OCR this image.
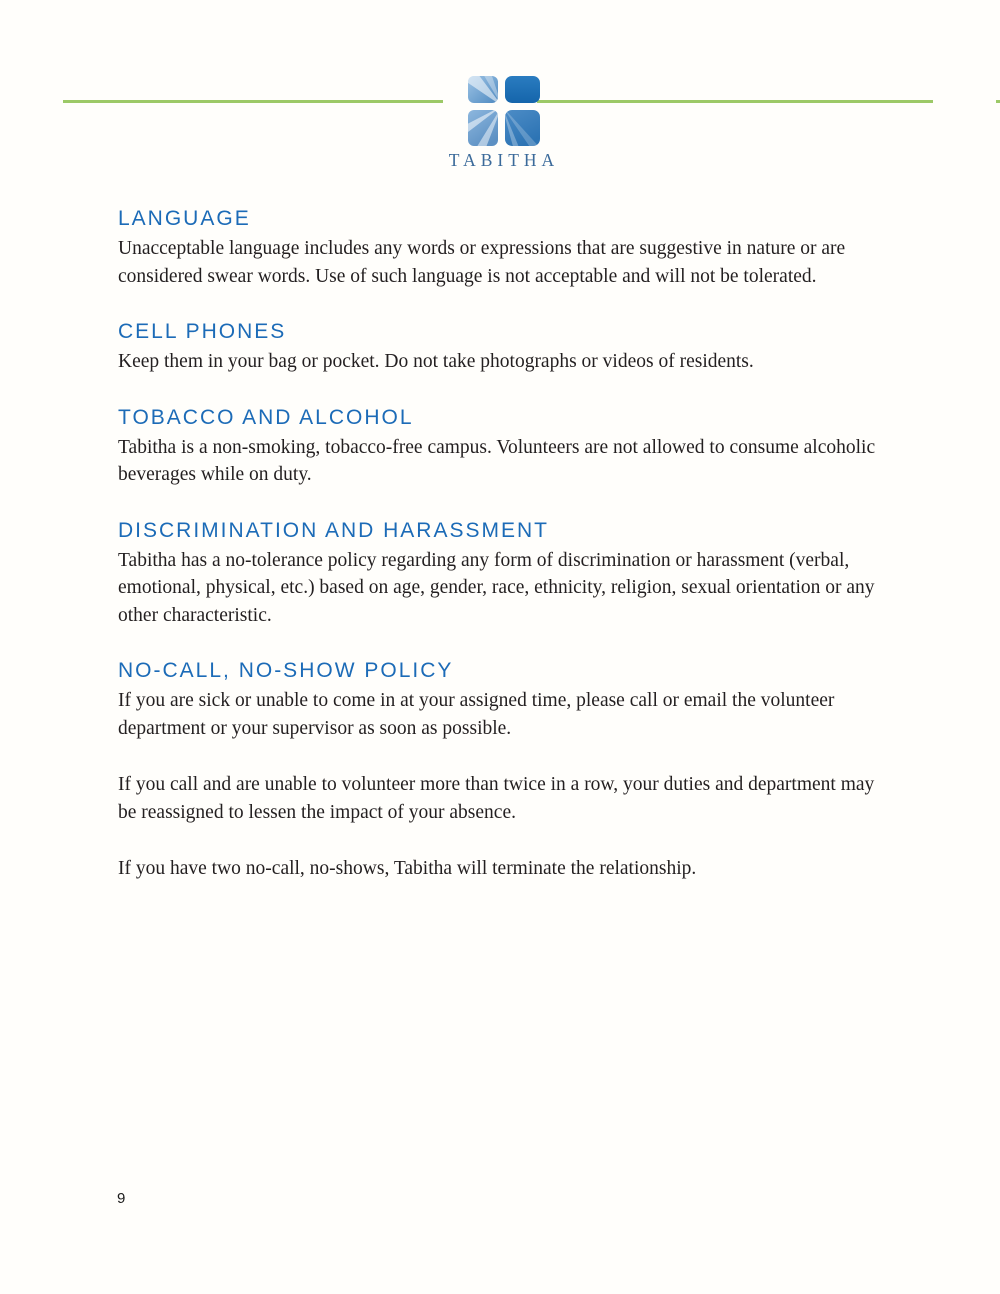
TABITHA
LANGUAGE

Unacceptable language includes any words or expressions that are suggestive in nature or are considered swear words. Use of such language is not acceptable and will not be tolerated.

CELL PHONES

Keep them in your bag or pocket. Do not take photographs or videos of residents.

TOBACCO AND ALCOHOL

Tabitha is a non-smoking, tobacco-free campus. Volunteers are not allowed to consume alcoholic beverages while on duty.

DISCRIMINATION AND HARASSMENT

Tabitha has a no-tolerance policy regarding any form of discrimination or harassment (verbal, emotional, physical, etc.) based on age, gender, race, ethnicity, religion, sexual orientation or any other characteristic.

NO-CALL, NO-SHOW POLICY

If you are sick or unable to come in at your assigned time, please call or email the volunteer department or your supervisor as soon as possible.

If you call and are unable to volunteer more than twice in a row, your duties and department may be reassigned to lessen the impact of your absence.

If you have two no-call, no-shows, Tabitha will terminate the relationship.

9
